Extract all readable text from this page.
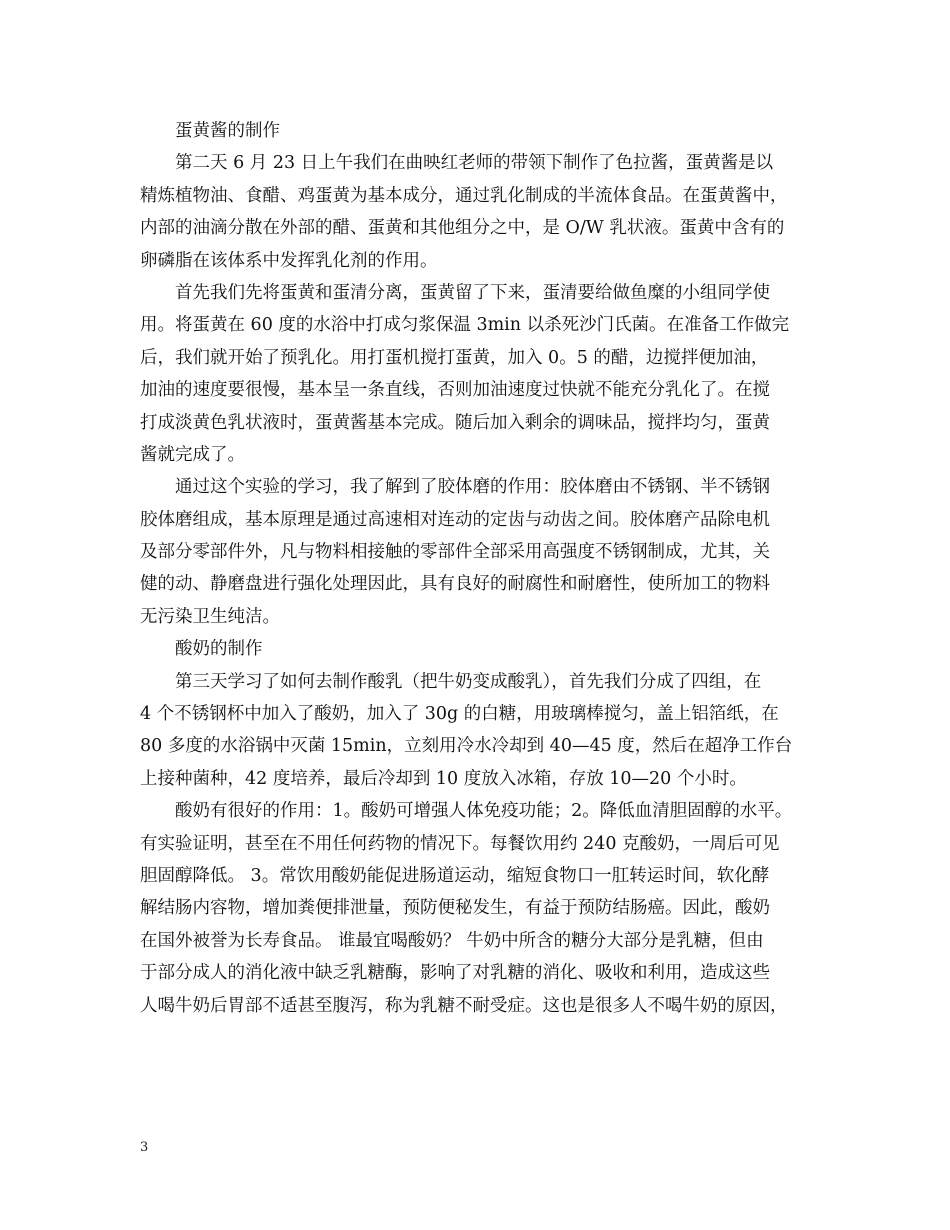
蛋黄酱的制作
第二天 6 月 23 日上午我们在曲映红老师的带领下制作了色拉酱，蛋黄酱是以
精炼植物油、食醋、鸡蛋黄为基本成分，通过乳化制成的半流体食品。在蛋黄酱中，
内部的油滴分散在外部的醋、蛋黄和其他组分之中，是 O/W 乳状液。蛋黄中含有的
卵磷脂在该体系中发挥乳化剂的作用。
首先我们先将蛋黄和蛋清分离，蛋黄留了下来，蛋清要给做鱼糜的小组同学使
用。将蛋黄在 60 度的水浴中打成匀浆保温 3min 以杀死沙门氏菌。在准备工作做完
后，我们就开始了预乳化。用打蛋机搅打蛋黄，加入 0。5 的醋，边搅拌便加油，
加油的速度要很慢，基本呈一条直线，否则加油速度过快就不能充分乳化了。在搅
打成淡黄色乳状液时，蛋黄酱基本完成。随后加入剩余的调味品，搅拌均匀，蛋黄
酱就完成了。
通过这个实验的学习，我了解到了胶体磨的作用：胶体磨由不锈钢、半不锈钢
胶体磨组成，基本原理是通过高速相对连动的定齿与动齿之间。胶体磨产品除电机
及部分零部件外，凡与物料相接触的零部件全部采用高强度不锈钢制成，尤其，关
健的动、静磨盘进行强化处理因此，具有良好的耐腐性和耐磨性，使所加工的物料
无污染卫生纯洁。
酸奶的制作
第三天学习了如何去制作酸乳（把牛奶变成酸乳），首先我们分成了四组，在
4 个不锈钢杯中加入了酸奶，加入了 30g 的白糖，用玻璃棒搅匀，盖上铝箔纸，在
80 多度的水浴锅中灭菌 15min，立刻用冷水冷却到 40—45 度，然后在超净工作台
上接种菌种，42 度培养，最后冷却到 10 度放入冰箱，存放 10—20 个小时。
酸奶有很好的作用：1。酸奶可增强人体免疫功能；2。降低血清胆固醇的水平。
有实验证明，甚至在不用任何药物的情况下。每餐饮用约 240 克酸奶，一周后可见
胆固醇降低。 3。常饮用酸奶能促进肠道运动，缩短食物口一肛转运时间，软化酵
解结肠内容物，增加粪便排泄量，预防便秘发生，有益于预防结肠癌。因此，酸奶
在国外被誉为长寿食品。 谁最宜喝酸奶？ 牛奶中所含的糖分大部分是乳糖，但由
于部分成人的消化液中缺乏乳糖酶，影响了对乳糖的消化、吸收和利用，造成这些
人喝牛奶后胃部不适甚至腹泻，称为乳糖不耐受症。这也是很多人不喝牛奶的原因，
3
